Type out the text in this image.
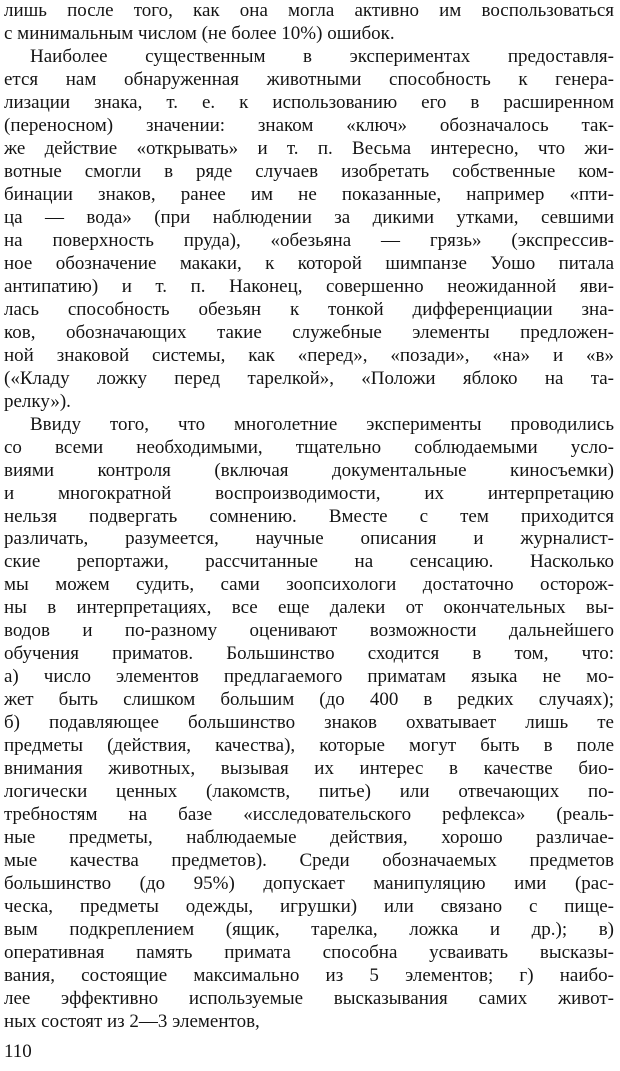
лишь после того, как она могла активно им воспользоваться
с минимальным числом (не более 10%) ошибок.
Наиболее существенным в экспериментах предоставля-
ется нам обнаруженная животными способность к генера-
лизации знака, т. е. к использованию его в расширенном
(переносном) значении: знаком «ключ» обозначалось так-
же действие «открывать» и т. п. Весьма интересно, что жи-
вотные смогли в ряде случаев изобретать собственные ком-
бинации знаков, ранее им не показанные, например «пти-
ца — вода» (при наблюдении за дикими утками, севшими
на поверхность пруда), «обезьяна — грязь» (экспрессив-
ное обозначение макаки, к которой шимпанзе Уошо питала
антипатию) и т. п. Наконец, совершенно неожиданной яви-
лась способность обезьян к тонкой дифференциации зна-
ков, обозначающих такие служебные элементы предложен-
ной знаковой системы, как «перед», «позади», «на» и «в»
(«Кладу ложку перед тарелкой», «Положи яблоко на та-
релку»).
Ввиду того, что многолетние эксперименты проводились
со всеми необходимыми, тщательно соблюдаемыми усло-
виями контроля (включая документальные киносъемки)
и многократной воспроизводимости, их интерпретацию
нельзя подвергать сомнению. Вместе с тем приходится
различать, разумеется, научные описания и журналист-
ские репортажи, рассчитанные на сенсацию. Насколько
мы можем судить, сами зоопсихологи достаточно осторож-
ны в интерпретациях, все еще далеки от окончательных вы-
водов и по-разному оценивают возможности дальнейшего
обучения приматов. Большинство сходится в том, что:
а) число элементов предлагаемого приматам языка не мо-
жет быть слишком большим (до 400 в редких случаях);
б) подавляющее большинство знаков охватывает лишь те
предметы (действия, качества), которые могут быть в поле
внимания животных, вызывая их интерес в качестве био-
логически ценных (лакомств, питье) или отвечающих по-
требностям на базе «исследовательского рефлекса» (реаль-
ные предметы, наблюдаемые действия, хорошо различае-
мые качества предметов). Среди обозначаемых предметов
большинство (до 95%) допускает манипуляцию ими (рас-
ческа, предметы одежды, игрушки) или связано с пище-
вым подкреплением (ящик, тарелка, ложка и др.); в)
оперативная память примата способна усваивать высказы-
вания, состоящие максимально из 5 элементов; г) наибо-
лее эффективно используемые высказывания самих живот-
ных состоят из 2—3 элементов,
110
